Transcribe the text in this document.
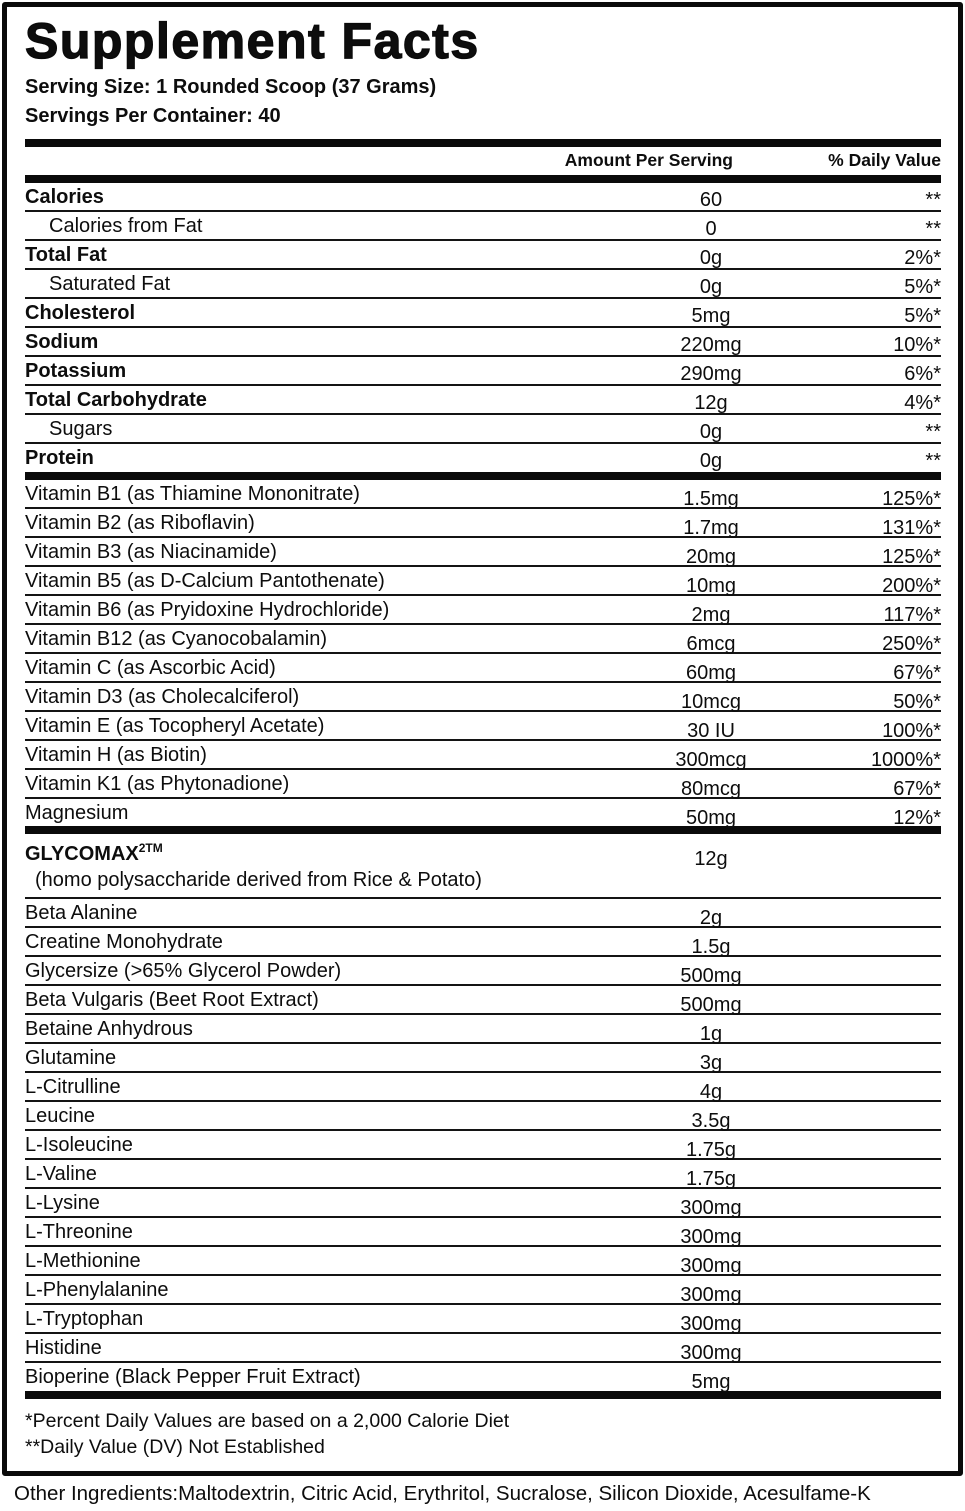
Supplement Facts
Serving Size: 1 Rounded Scoop (37 Grams)
Servings Per Container: 40
Amount Per Serving	% Daily Value
Calories	60	**
Calories from Fat	0	**
Total Fat	0g	2%*
Saturated Fat	0g	5%*
Cholesterol	5mg	5%*
Sodium	220mg	10%*
Potassium	290mg	6%*
Total Carbohydrate	12g	4%*
Sugars	0g	**
Protein	0g	**
Vitamin B1 (as Thiamine Mononitrate)	1.5mg	125%*
Vitamin B2 (as Riboflavin)	1.7mg	131%*
Vitamin B3 (as Niacinamide)	20mg	125%*
Vitamin B5 (as D-Calcium Pantothenate)	10mg	200%*
Vitamin B6 (as Pryidoxine Hydrochloride)	2mg	117%*
Vitamin B12 (as Cyanocobalamin)	6mcg	250%*
Vitamin C (as Ascorbic Acid)	60mg	67%*
Vitamin D3 (as Cholecalciferol)	10mcg	50%*
Vitamin E (as Tocopheryl Acetate)	30 IU	100%*
Vitamin H (as Biotin)	300mcg	1000%*
Vitamin K1 (as Phytonadione)	80mcg	67%*
Magnesium	50mg	12%*
$GLYCOMAX^{2TM}$	12g
(homo polysaccharide derived from Rice & Potato)
Beta Alanine	2g
Creatine Monohydrate	1.5g
Glycersize (>65% Glycerol Powder)	500mg
Beta Vulgaris (Beet Root Extract)	500mg
Betaine Anhydrous	1g
Glutamine	3g
L-Citrulline	4g
Leucine	3.5g
L-Isoleucine	1.75g
L-Valine	1.75g
L-Lysine	300mg
L-Threonine	300mg
L-Methionine	300mg
L-Phenylalanine	300mg
L-Tryptophan	300mg
Histidine	300mg
Bioperine (Black Pepper Fruit Extract)	5mg
*Percent Daily Values are based on a 2,000 Calorie Diet
**Daily Value (DV) Not Established
Other Ingredients:Maltodextrin, Citric Acid, Erythritol, Sucralose, Silicon Dioxide, Acesulfame-K
